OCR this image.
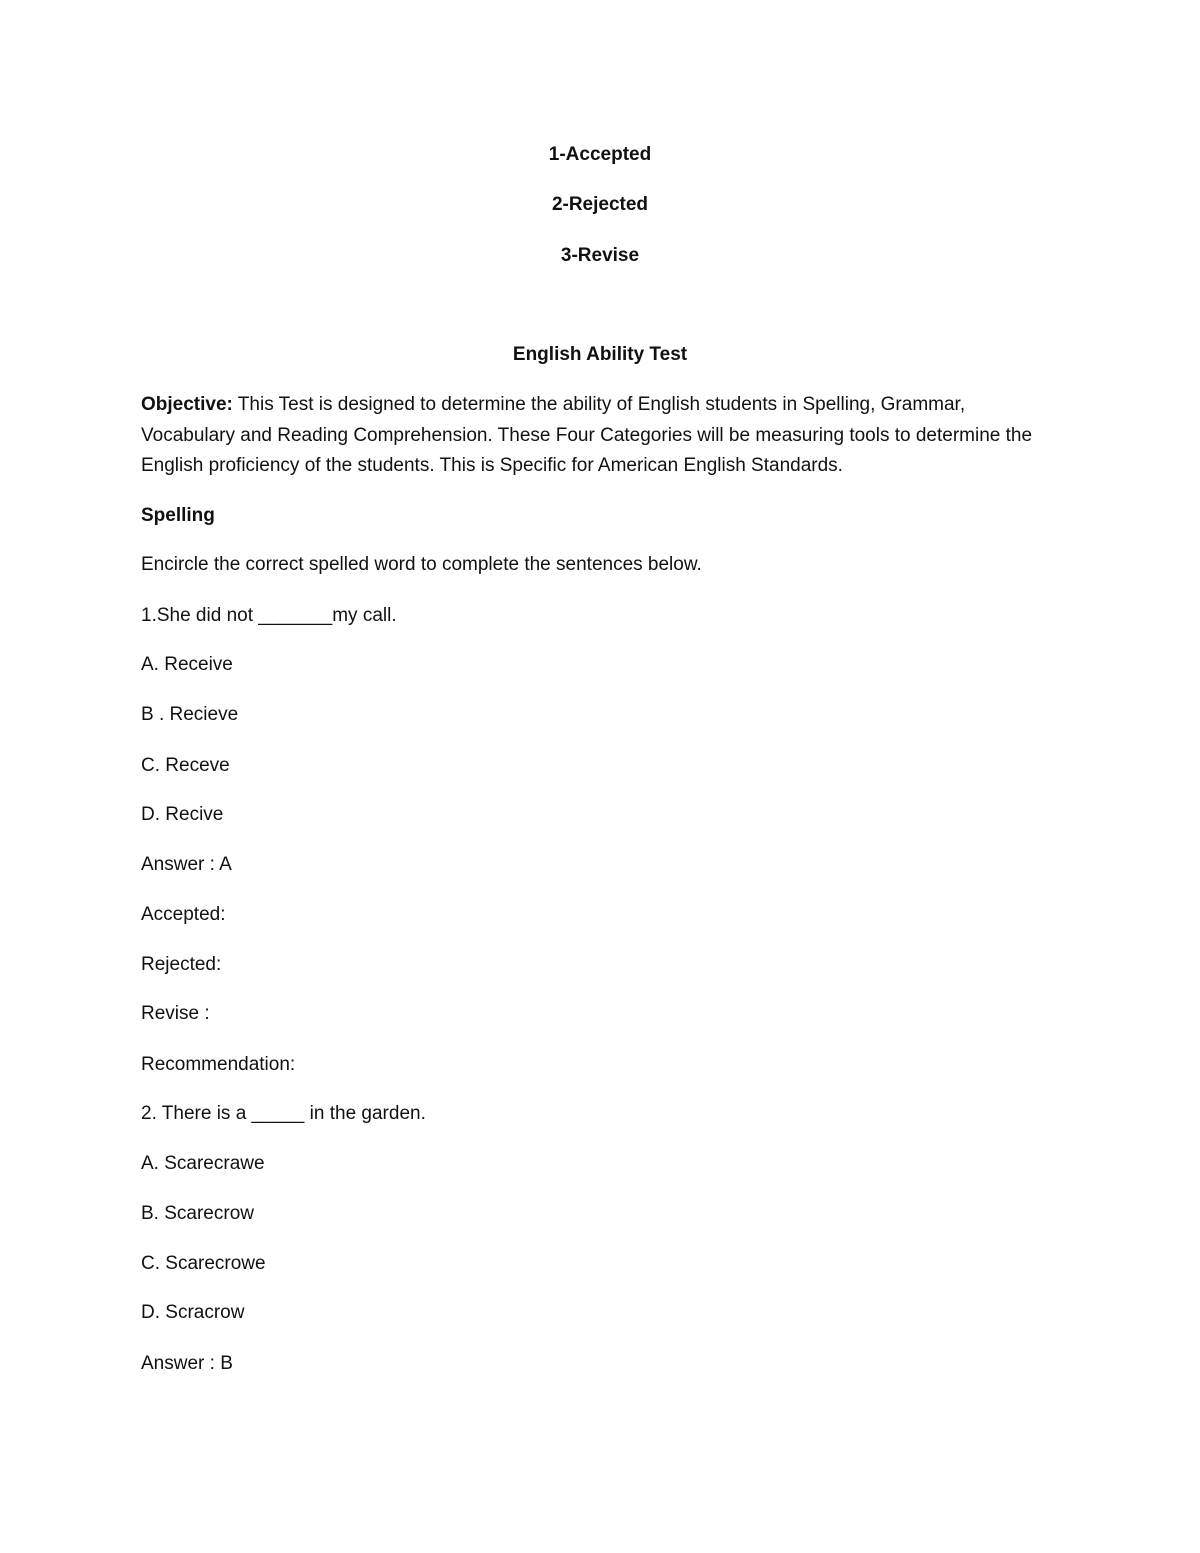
1-Accepted

2-Rejected

3-Revise

English Ability Test

Objective: This Test is designed to determine the ability of English students in Spelling, Grammar, Vocabulary and Reading Comprehension. These Four Categories will be measuring tools to determine the English proficiency of the students. This is Specific for American English Standards.

Spelling

Encircle the correct spelled word to complete the sentences below.

1.She did not _______my call.

A. Receive

B . Recieve

C. Receve

D. Recive

Answer : A

Accepted:

Rejected:

Revise :

Recommendation:

2. There is a _____ in the garden.

A. Scarecrawe

B. Scarecrow

C. Scarecrowe

D. Scracrow

Answer : B
